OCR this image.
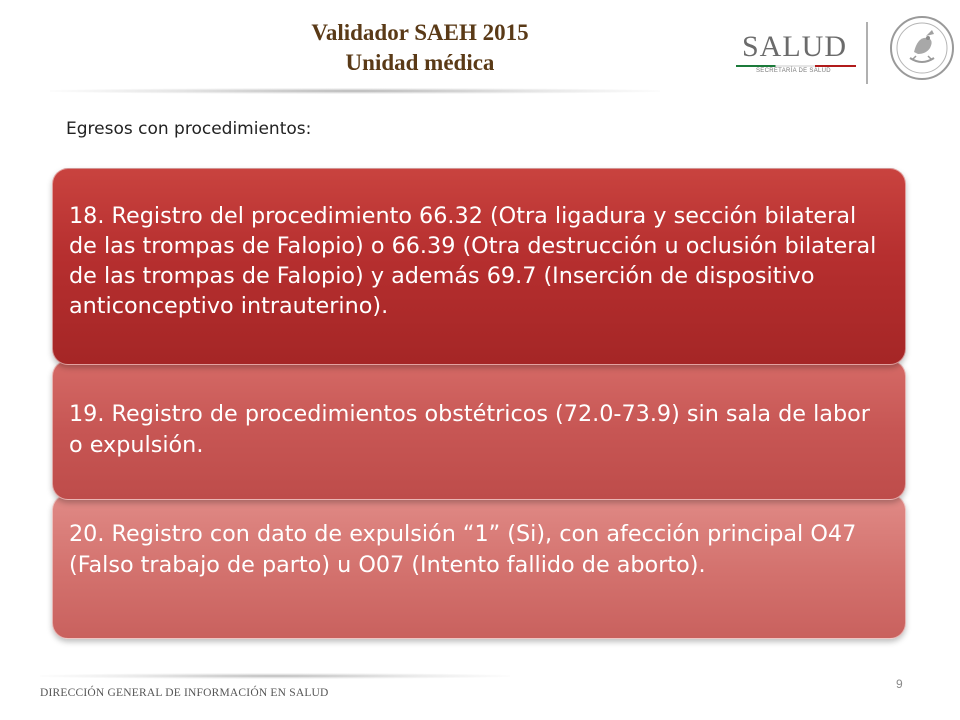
Validador SAEH 2015
Unidad médica	SALUD
SECRETARÍA DE SALUD
Egresos con procedimientos:

18. Registro del procedimiento 66.32 (Otra ligadura y sección bilateral de las trompas de Falopio) o 66.39 (Otra destrucción u oclusión bilateral de las trompas de Falopio) y además 69.7 (Inserción de dispositivo anticonceptivo intrauterino).

19. Registro de procedimientos obstétricos (72.0-73.9) sin sala de labor o expulsión.

20. Registro con dato de expulsión “1” (Si), con afección principal O47 (Falso trabajo de parto) u O07 (Intento fallido de aborto).

DIRECCIÓN GENERAL DE INFORMACIÓN EN SALUD
9
